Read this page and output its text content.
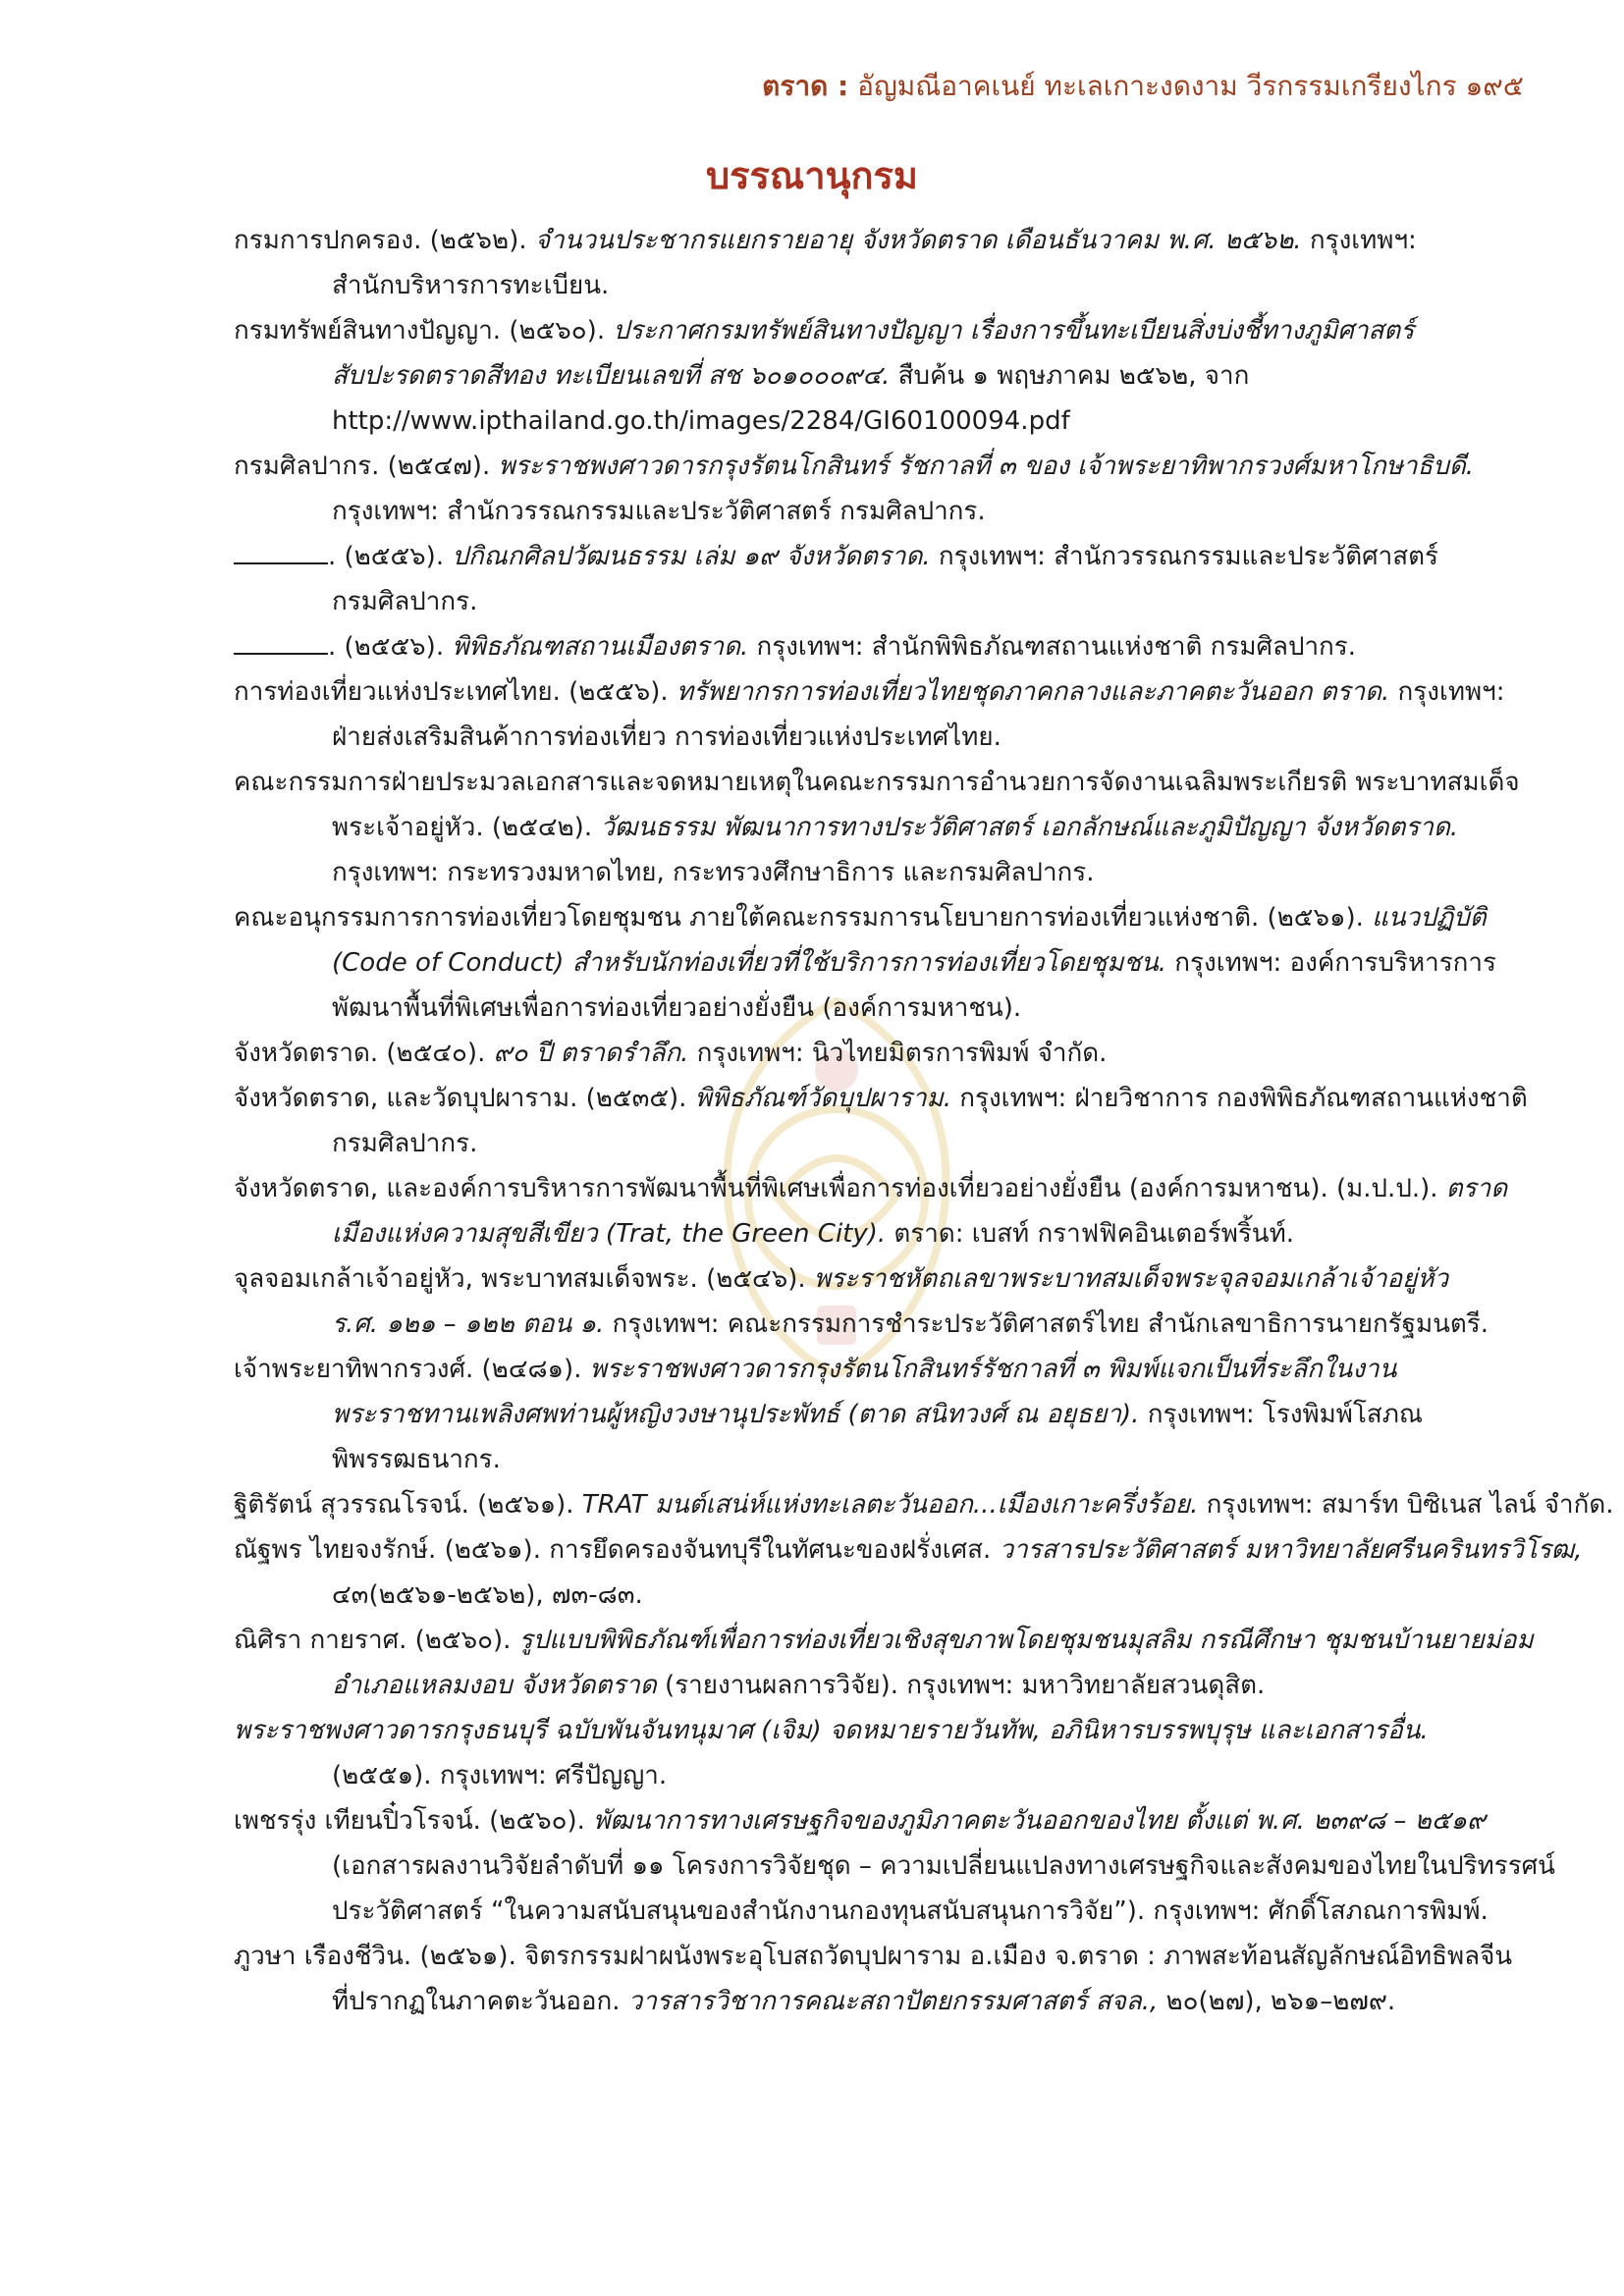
ตราด : อัญมณีอาคเนย์ ทะเลเกาะงดงาม วีรกรรมเกรียงไกร ๑๙๕
บรรณานุกรม
กรมการปกครอง. (๒๕๖๒). จำนวนประชากรแยกรายอายุ จังหวัดตราด เดือนธันวาคม พ.ศ. ๒๕๖๒. กรุงเทพฯ:
สำนักบริหารการทะเบียน.
กรมทรัพย์สินทางปัญญา. (๒๕๖๐). ประกาศกรมทรัพย์สินทางปัญญา เรื่องการขึ้นทะเบียนสิ่งบ่งชี้ทางภูมิศาสตร์
สับปะรดตราดสีทอง ทะเบียนเลขที่ สช ๖๐๑๐๐๐๙๔. สืบค้น ๑ พฤษภาคม ๒๕๖๒, จาก
http://www.ipthailand.go.th/images/2284/GI60100094.pdf
กรมศิลปากร. (๒๕๔๗). พระราชพงศาวดารกรุงรัตนโกสินทร์ รัชกาลที่ ๓ ของ เจ้าพระยาทิพากรวงศ์มหาโกษาธิบดี.
กรุงเทพฯ: สำนักวรรณกรรมและประวัติศาสตร์ กรมศิลปากร.
. (๒๕๕๖). ปกิณกศิลปวัฒนธรรม เล่ม ๑๙ จังหวัดตราด. กรุงเทพฯ: สำนักวรรณกรรมและประวัติศาสตร์
กรมศิลปากร.
. (๒๕๕๖). พิพิธภัณฑสถานเมืองตราด. กรุงเทพฯ: สำนักพิพิธภัณฑสถานแห่งชาติ กรมศิลปากร.
การท่องเที่ยวแห่งประเทศไทย. (๒๕๕๖). ทรัพยากรการท่องเที่ยวไทยชุดภาคกลางและภาคตะวันออก ตราด. กรุงเทพฯ:
ฝ่ายส่งเสริมสินค้าการท่องเที่ยว การท่องเที่ยวแห่งประเทศไทย.
คณะกรรมการฝ่ายประมวลเอกสารและจดหมายเหตุในคณะกรรมการอำนวยการจัดงานเฉลิมพระเกียรติ พระบาทสมเด็จ
พระเจ้าอยู่หัว. (๒๕๔๒). วัฒนธรรม พัฒนาการทางประวัติศาสตร์ เอกลักษณ์และภูมิปัญญา จังหวัดตราด.
กรุงเทพฯ: กระทรวงมหาดไทย, กระทรวงศึกษาธิการ และกรมศิลปากร.
คณะอนุกรรมการการท่องเที่ยวโดยชุมชน ภายใต้คณะกรรมการนโยบายการท่องเที่ยวแห่งชาติ. (๒๕๖๑). แนวปฏิบัติ
(Code of Conduct) สำหรับนักท่องเที่ยวที่ใช้บริการการท่องเที่ยวโดยชุมชน. กรุงเทพฯ: องค์การบริหารการ
พัฒนาพื้นที่พิเศษเพื่อการท่องเที่ยวอย่างยั่งยืน (องค์การมหาชน).
จังหวัดตราด. (๒๕๔๐). ๙๐ ปี ตราดรำลึก. กรุงเทพฯ: นิวไทยมิตรการพิมพ์ จำกัด.
จังหวัดตราด, และวัดบุปผาราม. (๒๕๓๕). พิพิธภัณฑ์วัดบุปผาราม. กรุงเทพฯ: ฝ่ายวิชาการ กองพิพิธภัณฑสถานแห่งชาติ
กรมศิลปากร.
จังหวัดตราด, และองค์การบริหารการพัฒนาพื้นที่พิเศษเพื่อการท่องเที่ยวอย่างยั่งยืน (องค์การมหาชน). (ม.ป.ป.). ตราด
เมืองแห่งความสุขสีเขียว (Trat, the Green City). ตราด: เบสท์ กราฟฟิคอินเตอร์พริ้นท์.
จุลจอมเกล้าเจ้าอยู่หัว, พระบาทสมเด็จพระ. (๒๕๔๖). พระราชหัตถเลขาพระบาทสมเด็จพระจุลจอมเกล้าเจ้าอยู่หัว
ร.ศ. ๑๒๑ – ๑๒๒ ตอน ๑. กรุงเทพฯ: คณะกรรมการชำระประวัติศาสตร์ไทย สำนักเลขาธิการนายกรัฐมนตรี.
เจ้าพระยาทิพากรวงศ์. (๒๔๘๑). พระราชพงศาวดารกรุงรัตนโกสินทร์รัชกาลที่ ๓ พิมพ์แจกเป็นที่ระลึกในงาน
พระราชทานเพลิงศพท่านผู้หญิงวงษานุประพัทธ์ (ตาด สนิทวงศ์ ณ อยุธยา). กรุงเทพฯ: โรงพิมพ์โสภณ
พิพรรฒธนากร.
ฐิติรัตน์ สุวรรณโรจน์. (๒๕๖๑). TRAT มนต์เสน่ห์แห่งทะเลตะวันออก...เมืองเกาะครึ่งร้อย. กรุงเทพฯ: สมาร์ท บิซิเนส ไลน์ จำกัด.
ณัฐพร ไทยจงรักษ์. (๒๕๖๑). การยึดครองจันทบุรีในทัศนะของฝรั่งเศส. วารสารประวัติศาสตร์ มหาวิทยาลัยศรีนครินทรวิโรฒ,
๔๓(๒๕๖๑-๒๕๖๒), ๗๓-๘๓.
ณิศิรา กายราศ. (๒๕๖๐). รูปแบบพิพิธภัณฑ์เพื่อการท่องเที่ยวเชิงสุขภาพโดยชุมชนมุสลิม กรณีศึกษา ชุมชนบ้านยายม่อม
อำเภอแหลมงอบ จังหวัดตราด (รายงานผลการวิจัย). กรุงเทพฯ: มหาวิทยาลัยสวนดุสิต.
พระราชพงศาวดารกรุงธนบุรี ฉบับพันจันทนุมาศ (เจิม) จดหมายรายวันทัพ, อภินิหารบรรพบุรุษ และเอกสารอื่น.
(๒๕๕๑). กรุงเทพฯ: ศรีปัญญา.
เพชรรุ่ง เทียนปิ๋วโรจน์. (๒๕๖๐). พัฒนาการทางเศรษฐกิจของภูมิภาคตะวันออกของไทย ตั้งแต่ พ.ศ. ๒๓๙๘ – ๒๕๑๙
(เอกสารผลงานวิจัยลำดับที่ ๑๑ โครงการวิจัยชุด – ความเปลี่ยนแปลงทางเศรษฐกิจและสังคมของไทยในปริทรรศน์
ประวัติศาสตร์ “ในความสนับสนุนของสำนักงานกองทุนสนับสนุนการวิจัย”). กรุงเทพฯ: ศักดิ์โสภณการพิมพ์.
ภูวษา เรืองชีวิน. (๒๕๖๑). จิตรกรรมฝาผนังพระอุโบสถวัดบุปผาราม อ.เมือง จ.ตราด : ภาพสะท้อนสัญลักษณ์อิทธิพลจีน
ที่ปรากฏในภาคตะวันออก. วารสารวิชาการคณะสถาปัตยกรรมศาสตร์ สจล., ๒๐(๒๗), ๒๖๑–๒๗๙.
